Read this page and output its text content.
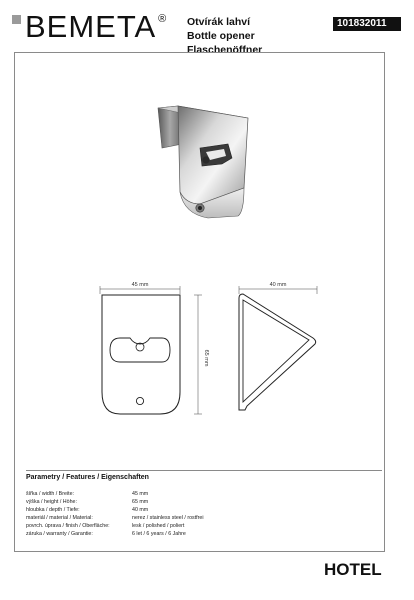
BEMETA ® Otvírák lahví
Bottle opener
Flaschenöffner
101832011
45 mm
65 mm
40 mm
Parametry / Features / Eigenschaften
šířka / width / Breite:	45 mm
výška / height / Höhe:	65 mm
hloubka / depth / Tiefe:	40 mm
materiál / material / Material:	nerez / stainless steel / rostfrei
povrch. úprava / finish / Oberfläche:	lesk / polished / poliert
záruka / warranty / Garantie:	6 let / 6 years / 6 Jahre
HOTEL
